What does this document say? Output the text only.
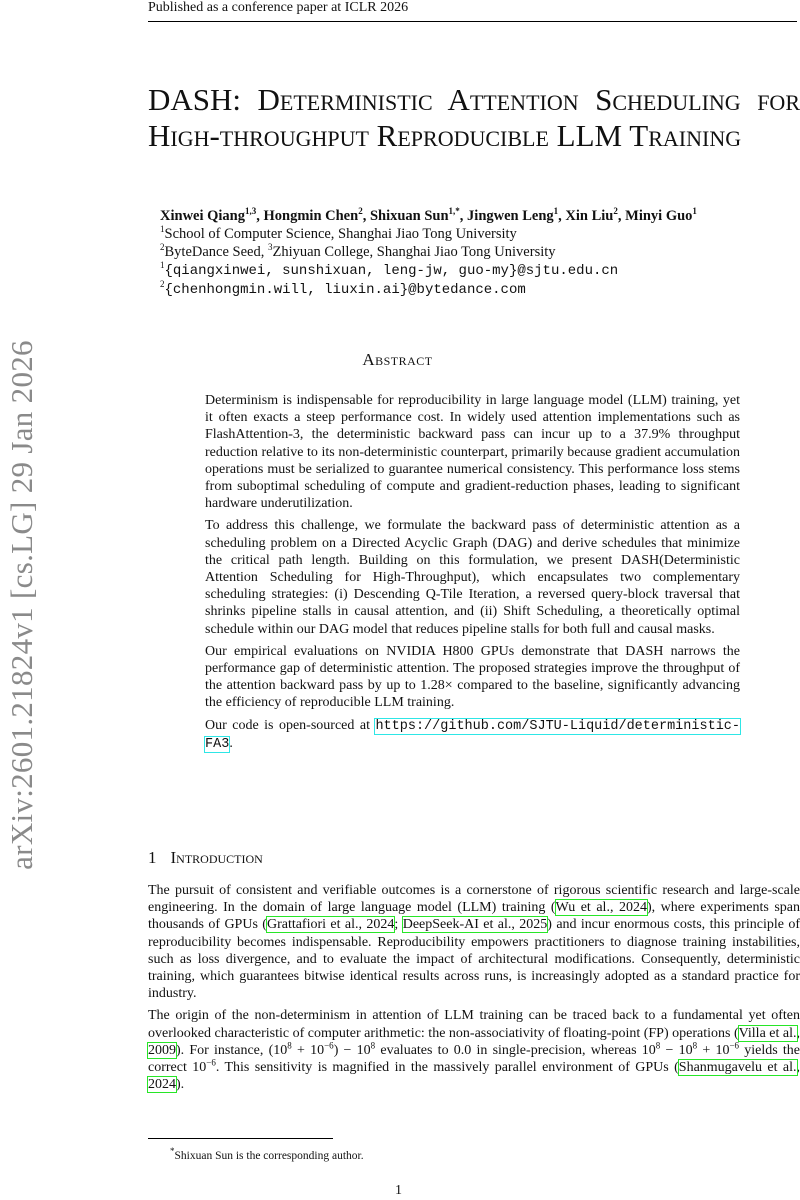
Published as a conference paper at ICLR 2026
arXiv:2601.21824v1 [cs.LG] 29 Jan 2026
DASH: Deterministic Attention Scheduling for High-throughput Reproducible LLM Training
Xinwei Qiang$^{1,3}$, Hongmin Chen$^2$, Shixuan Sun$^{1,*}$, Jingwen Leng$^1$, Xin Liu$^2$, Minyi Guo$^1$
$^1$School of Computer Science, Shanghai Jiao Tong University
$^2$ByteDance Seed, $^3$Zhiyuan College, Shanghai Jiao Tong University
$^1${qiangxinwei, sunshixuan, leng-jw, guo-my}@sjtu.edu.cn
$^2${chenhongmin.will, liuxin.ai}@bytedance.com
Abstract

Determinism is indispensable for reproducibility in large language model (LLM) training, yet it often exacts a steep performance cost. In widely used attention implementations such as FlashAttention-3, the deterministic backward pass can incur up to a 37.9% throughput reduction relative to its non-deterministic counterpart, primarily because gradient accumulation operations must be serialized to guarantee numerical consistency. This performance loss stems from suboptimal scheduling of compute and gradient-reduction phases, leading to significant hardware underutilization.

To address this challenge, we formulate the backward pass of deterministic attention as a scheduling problem on a Directed Acyclic Graph (DAG) and derive schedules that minimize the critical path length. Building on this formulation, we present DASH(Deterministic Attention Scheduling for High-Throughput), which encapsulates two complementary scheduling strategies: (i) Descending Q-Tile Iteration, a reversed query-block traversal that shrinks pipeline stalls in causal attention, and (ii) Shift Scheduling, a theoretically optimal schedule within our DAG model that reduces pipeline stalls for both full and causal masks.

Our empirical evaluations on NVIDIA H800 GPUs demonstrate that DASH narrows the performance gap of deterministic attention. The proposed strategies improve the throughput of the attention backward pass by up to 1.28× compared to the baseline, significantly advancing the efficiency of reproducible LLM training.

Our code is open-sourced at https://github.com/SJTU-Liquid/deterministic-FA3.

1 Introduction

The pursuit of consistent and verifiable outcomes is a cornerstone of rigorous scientific research and large-scale engineering. In the domain of large language model (LLM) training (Wu et al., 2024), where experiments span thousands of GPUs (Grattafiori et al., 2024; DeepSeek-AI et al., 2025) and incur enormous costs, this principle of reproducibility becomes indispensable. Reproducibility empowers practitioners to diagnose training instabilities, such as loss divergence, and to evaluate the impact of architectural modifications. Consequently, deterministic training, which guarantees bitwise identical results across runs, is increasingly adopted as a standard practice for industry.

The origin of the non-determinism in attention of LLM training can be traced back to a fundamental yet often overlooked characteristic of computer arithmetic: the non-associativity of floating-point (FP) operations (Villa et al., 2009). For instance, $(10^8 + 10^{-6}) - 10^8$ evaluates to 0.0 in single-precision, whereas $10^8 - 10^8 + 10^{-6}$ yields the correct $10^{-6}$. This sensitivity is magnified in the massively parallel environment of GPUs (Shanmugavelu et al., 2024).

*Shixuan Sun is the corresponding author.
1
